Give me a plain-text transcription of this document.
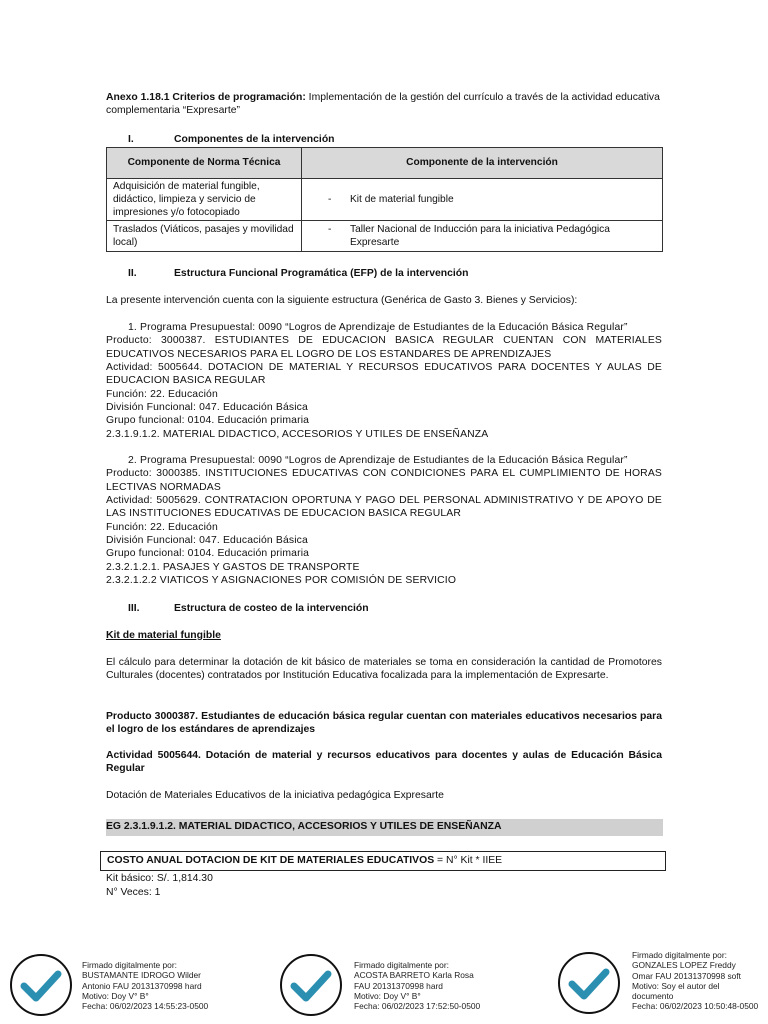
Anexo 1.18.1 Criterios de programación: Implementación de la gestión del currículo a través de la actividad educativa complementaria “Expresarte”
I.	Componentes de la intervención
Componente de Norma Técnica	Componente de la intervención
Adquisición de material fungible, didáctico, limpieza y servicio de impresiones y/o fotocopiado	- Kit de material fungible
Traslados (Viáticos, pasajes y movilidad local)	- Taller Nacional de Inducción para la iniciativa Pedagógica Expresarte
II.	Estructura Funcional Programática (EFP) de la intervención
La presente intervención cuenta con la siguiente estructura (Genérica de Gasto 3. Bienes y Servicios):
1. Programa Presupuestal: 0090 “Logros de Aprendizaje de Estudiantes de la Educación Básica Regular”
Producto: 3000387. ESTUDIANTES DE EDUCACION BASICA REGULAR CUENTAN CON MATERIALES EDUCATIVOS NECESARIOS PARA EL LOGRO DE LOS ESTANDARES DE APRENDIZAJES
Actividad: 5005644. DOTACION DE MATERIAL Y RECURSOS EDUCATIVOS PARA DOCENTES Y AULAS DE EDUCACION BASICA REGULAR
Función: 22. Educación
División Funcional: 047. Educación Básica
Grupo funcional: 0104. Educación primaria
2.3.1.9.1.2. MATERIAL DIDACTICO, ACCESORIOS Y UTILES DE ENSEÑANZA
2. Programa Presupuestal: 0090 “Logros de Aprendizaje de Estudiantes de la Educación Básica Regular”
Producto: 3000385. INSTITUCIONES EDUCATIVAS CON CONDICIONES PARA EL CUMPLIMIENTO DE HORAS LECTIVAS NORMADAS
Actividad: 5005629. CONTRATACION OPORTUNA Y PAGO DEL PERSONAL ADMINISTRATIVO Y DE APOYO DE LAS INSTITUCIONES EDUCATIVAS DE EDUCACION BASICA REGULAR
Función: 22. Educación
División Funcional: 047. Educación Básica
Grupo funcional: 0104. Educación primaria
2.3.2.1.2.1. PASAJES Y GASTOS DE TRANSPORTE
2.3.2.1.2.2 VIATICOS Y ASIGNACIONES POR COMISIÓN DE SERVICIO
III.	Estructura de costeo de la intervención
Kit de material fungible
El cálculo para determinar la dotación de kit básico de materiales se toma en consideración la cantidad de Promotores Culturales (docentes) contratados por Institución Educativa focalizada para la implementación de Expresarte.
Producto 3000387. Estudiantes de educación básica regular cuentan con materiales educativos necesarios para el logro de los estándares de aprendizajes
Actividad 5005644. Dotación de material y recursos educativos para docentes y aulas de Educación Básica Regular
Dotación de Materiales Educativos de la iniciativa pedagógica Expresarte
EG 2.3.1.9.1.2. MATERIAL DIDACTICO, ACCESORIOS Y UTILES DE ENSEÑANZA
COSTO ANUAL DOTACION DE KIT DE MATERIALES EDUCATIVOS = N° Kit * IIEE
Kit básico: S/. 1,814.30
N° Veces: 1
Firmado digitalmente por:
BUSTAMANTE IDROGO Wilder
Antonio FAU 20131370998 hard
Motivo: Doy V° B°
Fecha: 06/02/2023 14:55:23-0500
Firmado digitalmente por:
ACOSTA BARRETO Karla Rosa
FAU 20131370998 hard
Motivo: Doy V° B°
Fecha: 06/02/2023 17:52:50-0500
Firmado digitalmente por:
GONZALES LOPEZ Freddy
Omar FAU 20131370998 soft
Motivo: Soy el autor del
documento
Fecha: 06/02/2023 10:50:48-0500
